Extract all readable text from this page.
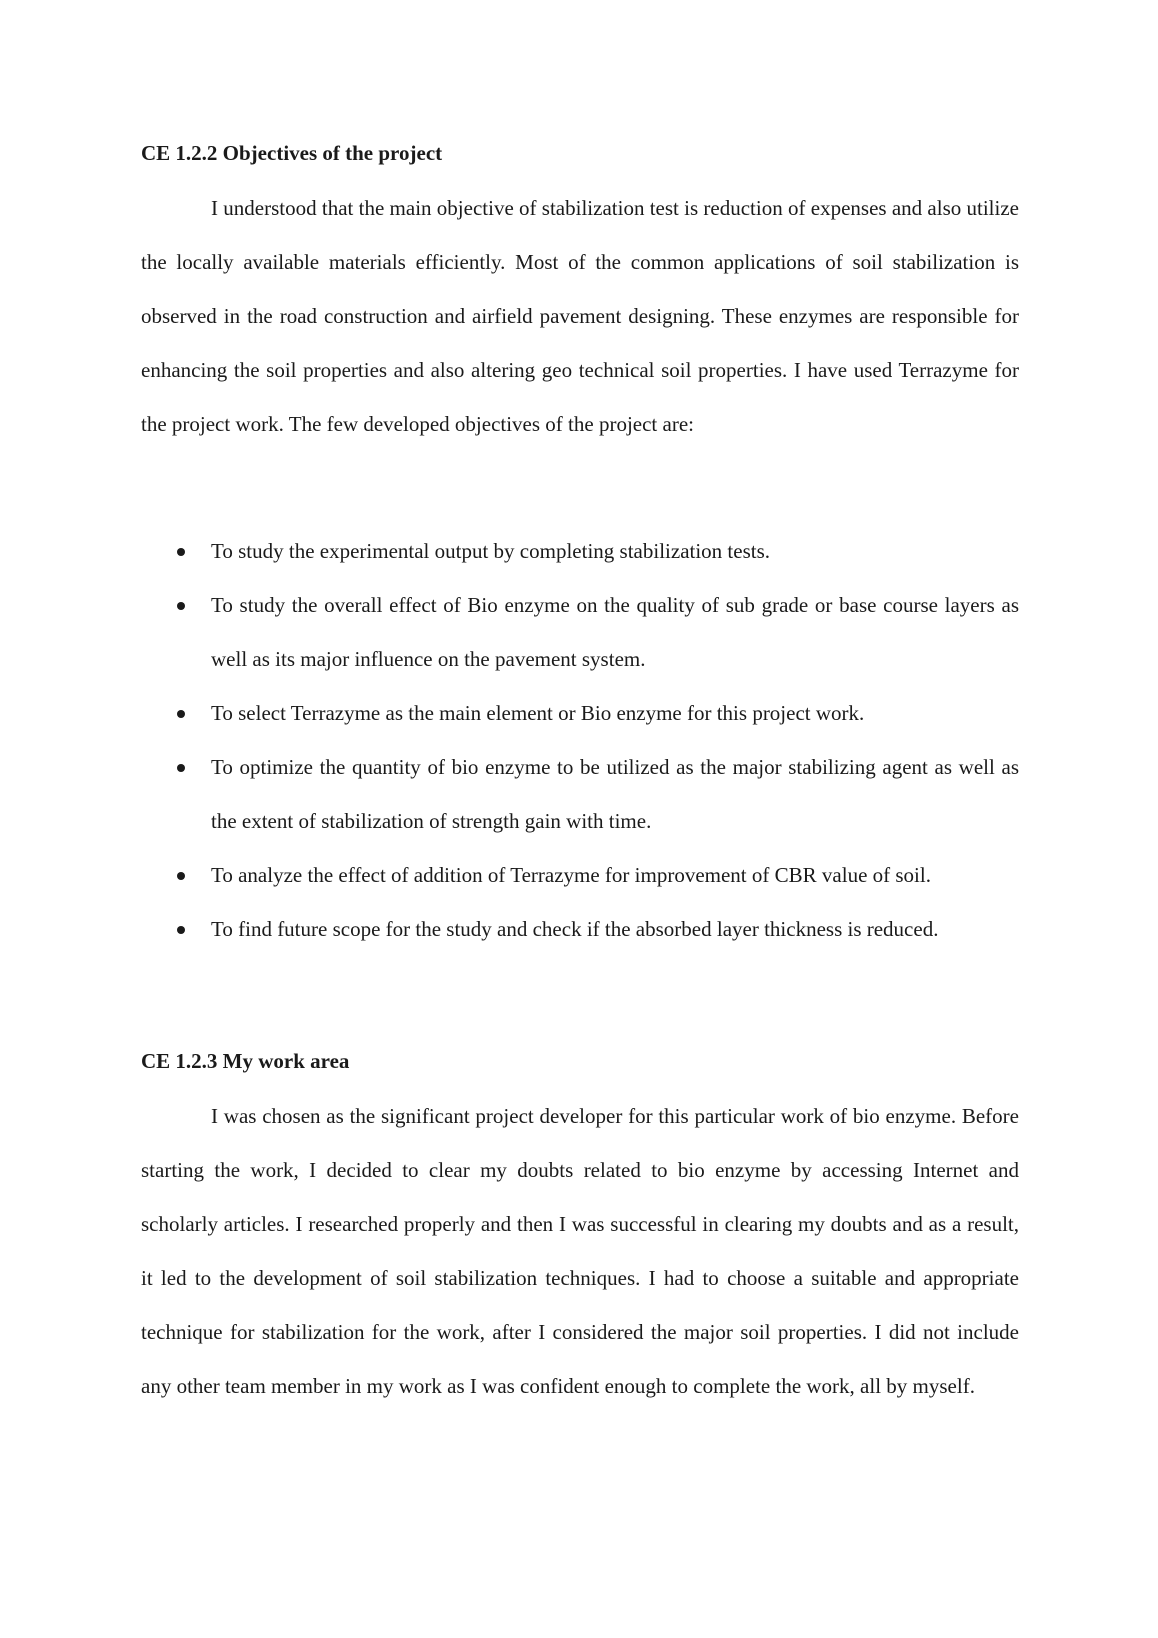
CE 1.2.2 Objectives of the project

I understood that the main objective of stabilization test is reduction of expenses and also utilize the locally available materials efficiently. Most of the common applications of soil stabilization is observed in the road construction and airfield pavement designing. These enzymes are responsible for enhancing the soil properties and also altering geo technical soil properties. I have used Terrazyme for the project work. The few developed objectives of the project are:

To study the experimental output by completing stabilization tests.
To study the overall effect of Bio enzyme on the quality of sub grade or base course layers as well as its major influence on the pavement system.
To select Terrazyme as the main element or Bio enzyme for this project work.
To optimize the quantity of bio enzyme to be utilized as the major stabilizing agent as well as the extent of stabilization of strength gain with time.
To analyze the effect of addition of Terrazyme for improvement of CBR value of soil.
To find future scope for the study and check if the absorbed layer thickness is reduced.
CE 1.2.3 My work area

I was chosen as the significant project developer for this particular work of bio enzyme. Before starting the work, I decided to clear my doubts related to bio enzyme by accessing Internet and scholarly articles. I researched properly and then I was successful in clearing my doubts and as a result, it led to the development of soil stabilization techniques. I had to choose a suitable and appropriate technique for stabilization for the work, after I considered the major soil properties. I did not include any other team member in my work as I was confident enough to complete the work, all by myself.
